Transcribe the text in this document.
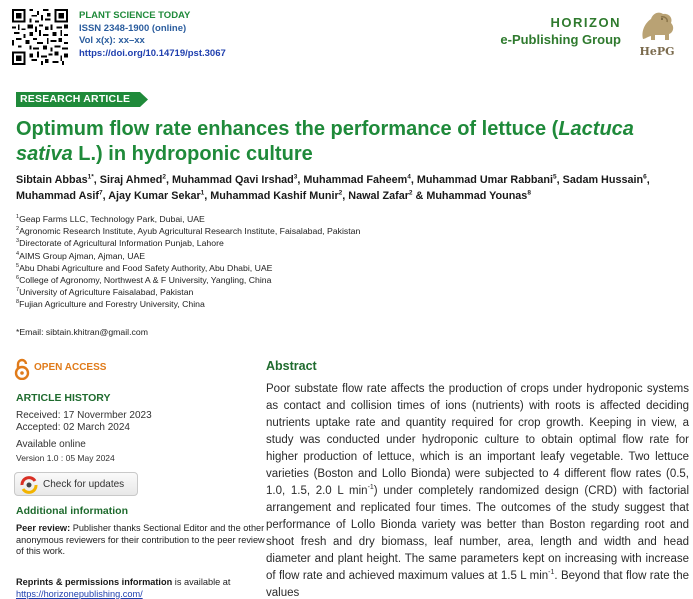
PLANT SCIENCE TODAY
ISSN 2348-1900 (online)
Vol x(x): xx–xx
https://doi.org/10.14719/pst.3067
HORIZON
e-Publishing Group
HePG
RESEARCH ARTICLE
Optimum flow rate enhances the performance of lettuce (Lactuca sativa L.) in hydroponic culture
Sibtain Abbas$^{1*}$, Siraj Ahmed$^2$, Muhammad Qavi Irshad$^3$, Muhammad Faheem$^4$, Muhammad Umar Rabbani$^5$, Sadam Hussain$^6$, Muhammad Asif$^7$, Ajay Kumar Sekar$^1$, Muhammad Kashif Munir$^2$, Nawal Zafar$^2$ & Muhammad Younas$^8$
$^1$Geap Farms LLC, Technology Park, Dubai, UAE
$^2$Agronomic Research Institute, Ayub Agricultural Research Institute, Faisalabad, Pakistan
$^3$Directorate of Agricultural Information Punjab, Lahore
$^4$AIMS Group Ajman, Ajman, UAE
$^5$Abu Dhabi Agriculture and Food Safety Authority, Abu Dhabi, UAE
$^6$College of Agronomy, Northwest A & F University, Yangling, China
$^7$University of Agriculture Faisalabad, Pakistan
$^8$Fujian Agriculture and Forestry University, China
*Email: sibtain.khitran@gmail.com
OPEN ACCESS
ARTICLE HISTORY
Received: 17 Novermber 2023
Accepted: 02 March 2024
Available online
Version 1.0 : 05 May 2024
Check for updates
Additional information
Peer review: Publisher thanks Sectional Editor and the other anonymous reviewers for their contribution to the peer review of this work.
Reprints & permissions information is available at https://horizonepublishing.com/
Abstract
Poor substate flow rate affects the production of crops under hydroponic systems as contact and collision times of ions (nutrients) with roots is affected deciding nutrients uptake rate and quantity required for crop growth. Keeping in view, a study was conducted under hydroponic culture to obtain optimal flow rate for higher production of lettuce, which is an important leafy vegetable. Two lettuce varieties (Boston and Lollo Bionda) were subjected to 4 different flow rates (0.5, 1.0, 1.5, 2.0 L $\min^{-1}$) under completely randomized design (CRD) with factorial arrangement and replicated four times. The outcomes of the study suggest that performance of Lollo Bionda variety was better than Boston regarding root and shoot fresh and dry biomass, leaf number, area, length and width and head diameter and plant height. The same parameters kept on increasing with increase of flow rate and achieved maximum values at 1.5 L $\min^{-1}$. Beyond that flow rate the values
